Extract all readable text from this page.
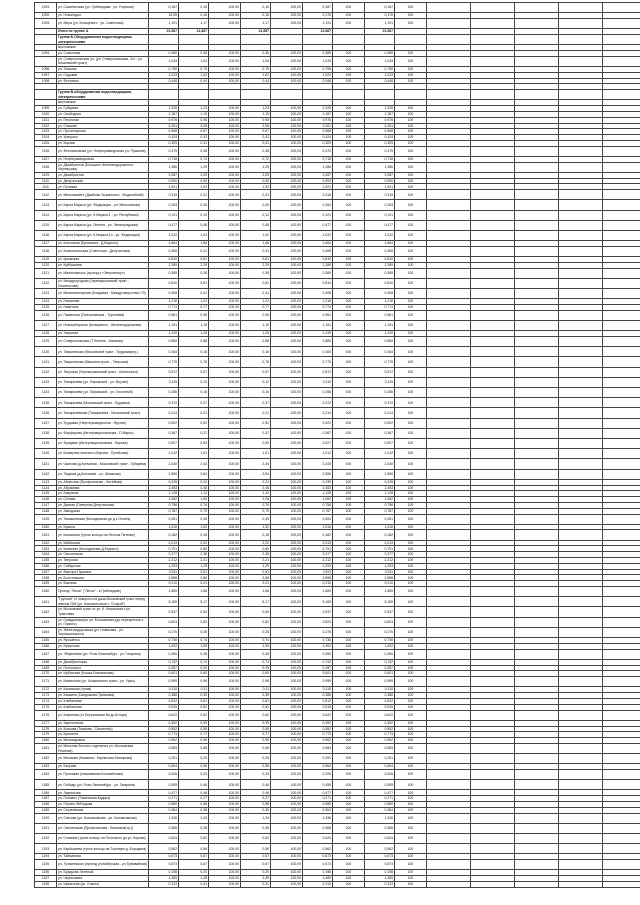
1091	ул. Сахалинская (ул. Грибоедова - ул. Угорская)	0,167	0,16	100,00	0,16	100,00	0,167	100	0,167	100					
1092	ул. Новолодья	15,59	0,16	100,00	0,16	100,00	0,176	100	0,176	100					
1093	ул. Мира (ул. Кольцевого - ул. Советская)	1,191	1,17	100,00	1,17	100,00	1,191	100	1,191	100					
	Итого по группе А	21,667	21,667		21,667		21,667		21,667						
	Группа Б-Оборудованная водоотводящими, электрическими														
	мостовыми														
1094	ул. Совхозная	0,380	0,38	100,00	0,36	100,00	0,385	100	0,385	100					
	ул. Ставропольская ул. (ул. Ставропольская, 1ст - ул. Московский тракт)	1,043	1,04	100,00	1,04	100,00	1,043	100	1,043	100					
1096	ул. Томская	0,796	0,79	100,00	0,79	100,00	0,796	100	0,796	100					
1097	ул. Садовая	1,023	1,02	100,00	1,02	100,00	1,023	100	1,023	100					
1098	ул. Фестивал	0,448	0,44	100,00	0,44	100,00	0,448	100	0,448	100					

	Группа В-оборудованная водоотводящими, электрическими														
	мостовыми														
1099	ул. Губарева	1,226	1,23	100,00	1,23	100,00	1,226	100	1,226	100					
1100	ул. Свободная	1,187	1,19	100,00	1,19	100,00	1,187	100	1,187	100					
1101	ул. Песочная	0,976	0,98	100,00	0,98	100,00	0,976	100	0,976	100					
1102	ул. Сахалин	2,061	2,06	100,00	2,06	100,00	2,061	100	2,061	100					
1103	ул. Пролетарская	0,668	0,67	100,00	0,67	100,00	0,668	100	0,668	100					
1104	ул. Урицкого	0,424	0,42	100,00	0,42	100,00	0,424	100	0,424	100					
1105	ул. Кирова	0,309	0,31	100,00	0,31	100,00	0,309	100	0,309	100					
1106	ул. Фестивальная (ул. Нефтеразведочная ул. Пушкина)	0,475	0,48	100,00	0,48	100,00	0,475	100	0,475	100					
1107	ул. Нефтеразведочная	0,718	0,72	100,00	0,72	100,00	0,718	100	0,718	100					
1108	ул. Декабристов (Большого Железнодорожного - Черемушки)	1,286	1,29	100,00	1,29	100,00	1,286	100	1,286	100					
1109	ул. Декабристов	2,087	2,09	100,00	2,09	100,00	2,087	100	2,087	100					
1110	ул. Депутатская	0,900	0,90	100,00	0,90	100,00	0,900	100	0,900	100					
1111	ул. Полевая	1,921	1,92	100,00	1,92	100,00	1,921	100	1,921	100					
1112	ул. Мельникайте (Дамбово Зырянского - Моделейной)	0,315	0,31	100,00	0,31	100,00	0,315	100	0,315	100					
1113	ул. Карла Маркса (ул. Федерации - ул. Мельничная)	0,263	0,26	100,00	0,26	100,00	0,263	100	0,263	100					
1114	ул. Карла Маркса (ул. К.Маркса,1 - ул. Республики)	0,121	0,12	100,00	0,12	100,00	0,121	100	0,121	100					
1115	ул. Карла Маркса (ул. Ленина - ул. Ленинградская)	0,477	0,48	100,00	0,48	100,00	0,477	100	0,477	100					
1116	ул. Карла Маркса (ул. К.Маркса,14 - ул. Федерации)	1,022	1,02	100,00	1,02	100,00	1,022	100	1,022	100					
1117	ул. Колхозная (Бутовская - Д.Бедного)	1,664	1,66	100,00	1,66	100,00	1,664	100	1,664	100					
1118	ул. Комсомольская (Советская - Депутатская)	0,408	0,41	100,00	0,41	100,00	0,408	100	0,408	100					
1119	ул. Крымская	0,810	0,81	100,00	0,81	100,00	0,810	100	0,810	100					
1120	ул. Куйбышева	2,289	2,29	100,00	2,29	100,00	2,289	100	2,289	100					
1121	ул. Малиновского (проезд к «Энергетику»)	0,389	0,39	100,00	0,39	100,00	0,389	100	0,389	100					
1122	ул. Междугородная (Черемушкинский тракт - Ломоносова)	0,810	0,81	100,00	0,81	100,00	0,810	100	0,810	100					
1123	ул. Межпланетарная (Кладовая - Междуговорочных 73)	0,408	0,41	100,00	0,41	100,00	0,408	100	0,408	100					
1124	ул. Нахимова	1,216	1,22	100,00	1,22	100,00	1,216	100	1,216	100					
1125	ул. Никитина	0,774	0,77	100,00	0,77	100,00	0,774	100	0,774	100					
1126	ул. Пашенная (Плехановская - Тургенева)	0,961	0,96	100,00	0,96	100,00	0,961	100	0,961	100					
1127	ул. Новосибирская (Кольцевого - Железнодорожная)	1,151	1,15	100,00	1,15	100,00	1,151	100	1,151	100					
1128	ул. Таврская	1,249	1,25	100,00	1,25	100,00	1,249	100	1,249	100					
1129	ул. Ставропольская (Т.Ленина - Камская)	0,880	0,88	100,00	0,88	100,00	0,880	100	0,880	100					
1130	ул. Таврическая (Московский тракт - Трудовая(пр.)	0,164	0,16	100,00	0,16	100,00	0,164	100	0,164	100					
1131	ул. Таврическая (Машиностроит. - Тверская)	0,775	0,78	100,00	0,78	100,00	0,775	100	0,775	100					
1132	ул. Тверская (Черемушкинский тракт - Белинского)	0,572	0,57	100,00	0,57	100,00	0,572	100	0,572	100					
1133	ул. Тимирязева (ул. Парижской - ул. Фрунзе)	0,119	0,12	100,00	0,12	100,00	0,119	100	0,119	100					
1134	ул. Тимирязева (ул. Парижской - ул. Гоголевой)	0,158	0,16	100,00	0,16	100,00	0,158	100	0,158	100					
1135	ул. Тимирязева (Московский тракт - Бурдюка)	0,372	0,37	100,00	0,37	100,00	0,372	100	0,372	100					
1136	ул. Тимирязевская (Тимирязева - Московский тракт)	0,214	0,21	100,00	0,21	100,00	0,214	100	0,214	100					
1137	ул. Трудовая (Нефтеразведочная - Фрунзе)	0,522	0,52	100,00	0,52	100,00	0,522	100	0,522	100					
1138	ул. Фарфорова (Интернациональная - П.Маркс)	0,367	0,37	100,00	0,37	100,00	0,367	100	0,367	100					
1139	ул. Фридман (Интернациональная - Кирова)	0,527	0,53	100,00	0,53	100,00	0,527	100	0,527	100					
1140	ул. Коммунистического (Кирова - Путейская)	1,012	1,01	100,00	1,01	100,00	1,012	100	1,012	100					
1141	ул. Чкалова (д.Кончаная - Московский тракт - Губарева)	2,440	2,44	100,00	2,44	100,00	2,440	100	2,440	100					
1142	ул. Эндеша (д.Кончаная - ул. Шишкова)	2,850	2,84	100,00	2,84	100,00	2,850	100	2,850	100					
1143	ул. Аблесова (Профсоюзная - Литейная)	0,239	0,24	100,00	0,24	100,00	0,239	100	0,239	100					
1144	ул. Абрамова	2,453	2,46	100,00	2,46	100,00	2,453	100	2,453	100					
1145	ул. Бакунина	1,128	1,12	100,00	1,12	100,00	1,128	100	1,128	100					
1146	ул. Сенная	1,062	1,06	100,00	1,06	100,00	1,062	100	1,062	100					
1147	ул. Дачная (Северное-Депутатская)	0,756	0,76	100,00	0,76	100,00	0,756	100	0,756	100					
1148	ул. Заводская	0,787	0,79	100,00	0,79	100,00	0,787	100	0,787	100					
1149	ул. Тимашевская (Молодежная до д.з Огонёк)	0,451	0,45	100,00	0,45	100,00	0,451	100	0,451	100					
1150	ул. Иркина	1,516	1,52	100,00	1,52	100,00	1,516	100	1,516	100					
1151	ул. Казахиева (тупое кольцо на Лесном Пятачке)	0,182	0,18	100,00	0,18	100,00	0,182	100	0,182	100					
1152	ул. Кабанская	2,013	2,02	100,00	2,02	100,00	2,013	100	2,013	100					
1153	ул. Киевская (Молодежная-Д.Бедного)	0,791	0,80	100,00	0,80	100,00	0,791	100	0,791	100					
1154	ул. Смоленская	2,377	2,38	100,00	2,38	100,00	2,377	100	2,377	100					
1155	ул. Тверская	2,212	2,21	100,00	2,21	100,00	2,212	100	2,212	100					
1156	ул. Сибирская	1,293	1,29	100,00	1,29	100,00	1,293	100	1,293	100					
1157	ул. Виктора Пушкина	0,511	0,51	100,00	0,51	100,00	0,511	100	0,511	100					
1158	ул. Болотникова	2,858	2,86	100,00	2,86	100,00	2,858	100	2,858	100					
1159	ул. Вязовая	0,210	0,21	100,00	0,21	100,00	0,210	100	0,210	100					
1160	Проезд "Лесок" ("Лесок" - в Грибоедове)	1,669	1,66	100,00	1,66	100,00	1,669	100	1,669	100					
1161	"Грузная" от поворота на дача Московский тракт перед знаком ГАИ (ул. Новоселыская с "Старой")	5,169	5,17	100,00	5,17	100,00	5,169	100	5,169	100					
1162	ул. Московский тракт от ул. К. Ильинская к ул. Трактовая	0,537	0,54	100,00	0,54	100,00	0,537	100	0,537	100					
1163	ул. Гражданская(от ул. Большевика (до перекрестка с ул. Горкого)	0,823	0,82	100,00	0,82	100,00	0,823	100	0,823	100					
1164	ул. Железнодорожная (ул. Новиками - ул. Чернышевского)	0,276	0,28	100,00	0,28	100,00	0,276	100	0,276	100					
1165	ул. Ярошёнко	0,736	0,74	100,00	0,74	100,00	0,736	100	0,736	100					
1166	ул. Иркутская	1,902	1,90	100,00	1,90	100,00	1,902	100	1,902	100					
1167	ул. Эйфелевая (ул. Розы Люксембург - ул. Гагарина)	0,450	0,45	100,00	0,45	100,00	0,450	100	0,450	100					
1168	ул. Декабристская	0,742	0,74	100,00	0,74	100,00	0,742	100	0,742	100					
1169	ул. Полотского	0,287	0,29	100,00	0,29	100,00	0,287	100	0,287	100					
1170	ул. Ирбитская (Кошка Емельянова)	0,601	0,60	100,00	0,60	100,00	0,601	100	0,601	100					
1171	ул. Каменская (ул. Кошкинского тракт - ул. Урал)	0,959	0,96	100,00	0,96	100,00	0,959	100	0,959	100					
1172	ул. Казанская (тупик)	0,110	0,11	100,00	0,11	100,00	0,110	100	0,110	100					
1173	ул. Камкина (Сандомова-Туманова)	0,386	0,39	100,00	0,39	100,00	0,386	100	0,386	100					
1174	ул. Клебанская	0,812	0,81	100,00	0,81	100,00	0,812	100	0,812	100					
1175	ул. Клебанская	0,515	0,52	100,00	0,52	100,00	0,515	100	0,515	100					
1176	ул. Ковалева (от Березовская 8а до Шторы)	0,622	0,62	100,00	0,62	100,00	0,622	100	0,622	100					
1177	ул. Зареченских	0,392	0,39	100,00	0,39	100,00	0,392	100	0,392	100					
1178	ул. Колкова (Тимкова - Сазоненко)	0,552	0,55	100,00	0,55	100,00	0,552	100	0,552	100					
1179	ул. Кулагина	0,773	0,77	100,00	0,77	100,00	0,773	100	0,773	100					
1180	ул. Мезьхадомов	0,962	0,96	100,00	0,96	100,00	0,962	100	0,962	100					
1181	ул. Мельник Лесного отделения ул. Московская Решетки)	0,683	0,68	100,00	0,68	100,00	0,683	100	0,683	100					
1182	ул. Мешкова (Кашкина - Кирпичная Баткирова)	0,251	0,25	100,00	0,25	100,00	0,251	100	0,251	100					
1183	ул. Багрова	0,564	0,56	100,00	0,56	100,00	0,564	100	0,564	100					
1184	ул. Проезжая (называемая Коломенская)	0,326	0,33	100,00	0,33	100,00	0,326	100	0,326	100					
1185	ул. Победы (ул. Розы Люксембург - ул. Гагарина)	0,455	0,46	100,00	0,46	100,00	0,455	100	0,455	100					
1186	ул. Ларионова	0,477	0,48	100,00	0,48	100,00	0,477	100	0,477	100					
1187	ул. Попович (Тюменская-Кадира)	0,271	0,27	100,00	0,27	100,00	0,271	100	0,271	100					
1188	ул. Героев Лейтодова	0,580	0,58	100,00	0,58	100,00	0,580	100	0,580	100					
1189	ул. Сергеевская	0,364	0,36	100,00	0,36	100,00	0,364	100	0,364	100					
1190	ул. Снегова (ул. Кончаковская - ул. Кончаковская)	1,336	1,34	100,00	1,34	100,00	1,336	100	1,336	100					
1191	ул. Смоленская (Профсоюзная - Калинина(тр.))	0,368	0,38	100,00	0,38	100,00	0,368	100	0,368	100					
1192	ул. Славина (тупое кольцо на Плотового до ул. Кирова)	0,624	0,62	100,00	0,62	100,00	0,624	100	0,624	100					
1193	ул. Карбышева (тупое кольцо на Торговую д. Бородина)	0,562	0,56	100,00	0,56	100,00	0,562	100	0,562	100					
1194	ул. Тайманова	0,673	0,67	100,00	0,67	100,00	0,673	100	0,673	100					
1195	ул. Тухачевского (проезд ул.Киберская - ул.Трамвайная)	0,673	0,67	100,00	0,67	100,00	0,673	100	0,673	100					
1196	ул. Бредуова Зеленый	0,198	0,20	100,00	0,20	100,00	0,198	100	0,198	100					
1197	ул. Чернышева	1,489	1,49	100,00	1,49	100,00	1,489	100	1,489	100					
1198	ул. Щипачева (ул. Уткино)	0,313	0,31	100,00	0,31	100,00	0,313	100	0,313	100					
